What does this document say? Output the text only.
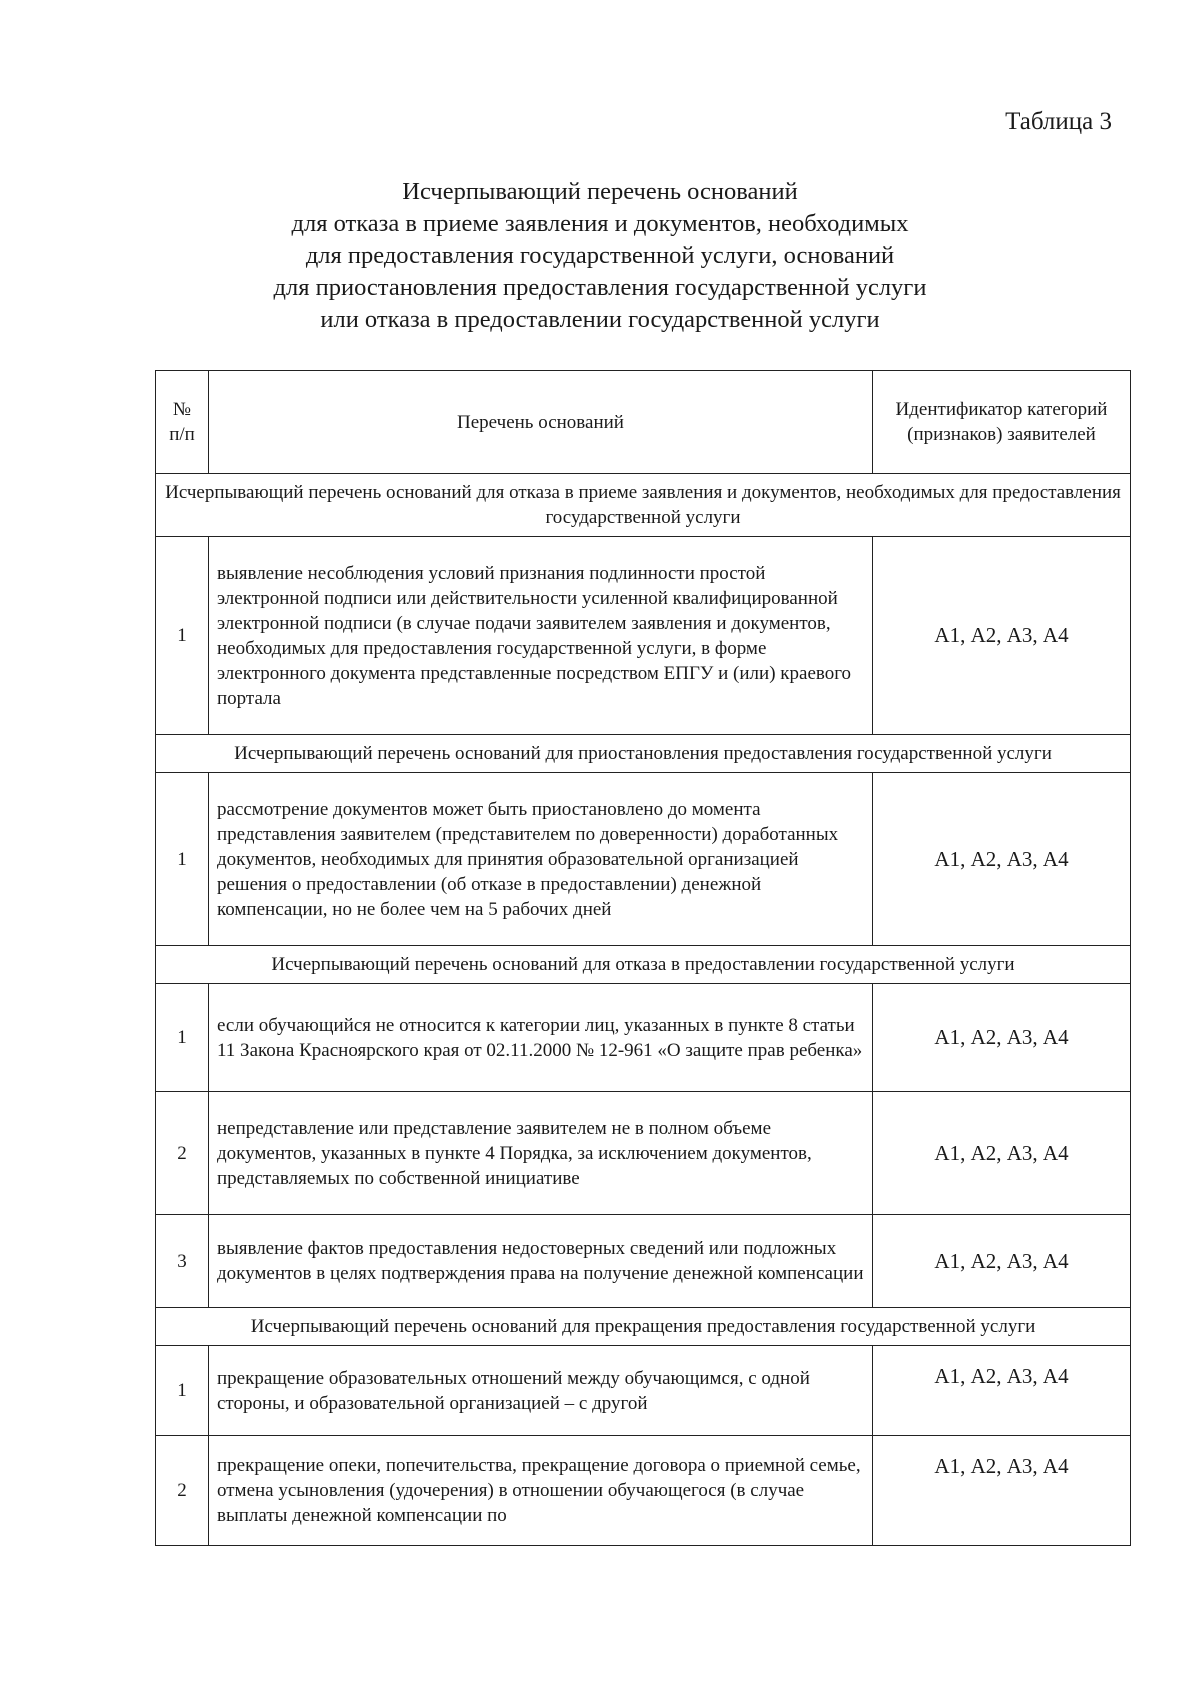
Таблица 3
Исчерпывающий перечень оснований
для отказа в приеме заявления и документов, необходимых
для предоставления государственной услуги, оснований
для приостановления предоставления государственной услуги
или отказа в предоставлении государственной услуги
№ п/п	Перечень оснований	Идентификатор категорий (признаков) заявителей
Исчерпывающий перечень оснований для отказа в приеме заявления и документов, необходимых для предоставления государственной услуги		
1	выявление несоблюдения условий признания подлинности простой электронной подписи или действительности усиленной квалифицированной электронной подписи (в случае подачи заявителем заявления и документов, необходимых для предоставления государственной услуги, в форме электронного документа представленные посредством ЕПГУ и (или) краевого портала	А1, А2, А3, А4
Исчерпывающий перечень оснований для приостановления предоставления государственной услуги		
1	рассмотрение документов может быть приостановлено до момента представления заявителем (представителем по доверенности) доработанных документов, необходимых для принятия образовательной организацией решения о предоставлении (об отказе в предоставлении) денежной компенсации, но не более чем на 5 рабочих дней	А1, А2, А3, А4
Исчерпывающий перечень оснований для отказа в предоставлении государственной услуги		
1	если обучающийся не относится к категории лиц, указанных в пункте 8 статьи 11 Закона Красноярского края от 02.11.2000 № 12-961 «О защите прав ребенка»	А1, А2, А3, А4
2	непредставление или представление заявителем не в полном объеме документов, указанных в пункте 4 Порядка, за исключением документов, представляемых по собственной инициативе	А1, А2, А3, А4
3	выявление фактов предоставления недостоверных сведений или подложных документов в целях подтверждения права на получение денежной компенсации	А1, А2, А3, А4
Исчерпывающий перечень оснований для прекращения предоставления государственной услуги		
1	прекращение образовательных отношений между обучающимся, с одной стороны, и образовательной организацией – с другой	А1, А2, А3, А4
2	прекращение опеки, попечительства, прекращение договора о приемной семье, отмена усыновления (удочерения) в отношении обучающегося (в случае выплаты денежной компенсации по	А1, А2, А3, А4
